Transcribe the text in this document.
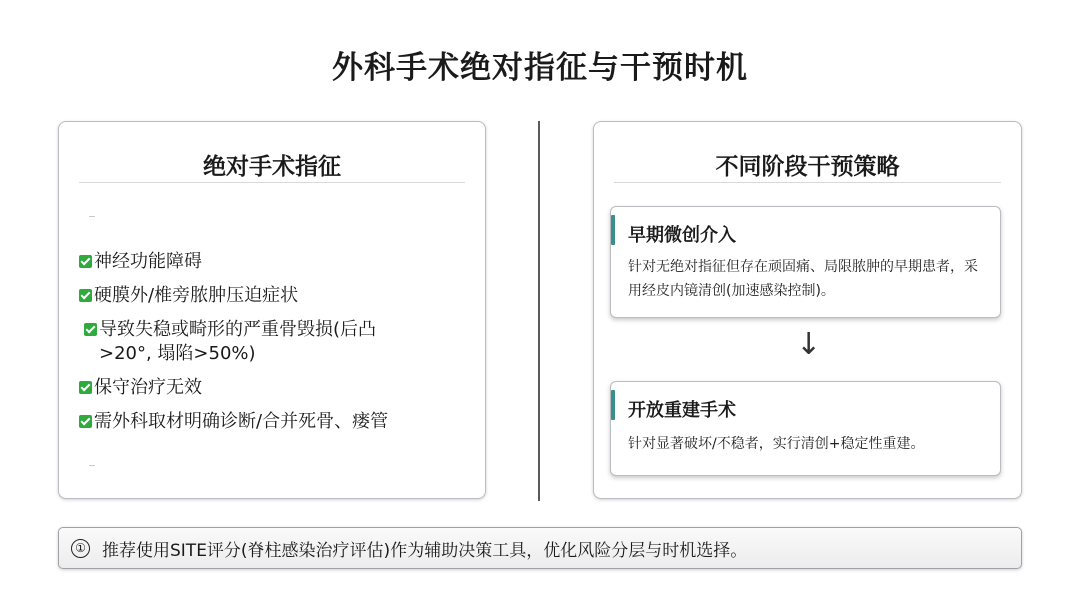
外科手术绝对指征与干预时机
绝对手术指征
神经功能障碍
硬膜外/椎旁脓肿压迫症状
导致失稳或畸形的严重骨毁损(后凸>20°, 塌陷>50%)
保守治疗无效
需外科取材明确诊断/合并死骨、瘘管
不同阶段干预策略
早期微创介入
针对无绝对指征但存在顽固痛、局限脓肿的早期患者，采用经皮内镜清创(加速感染控制)。
↓
开放重建手术
针对显著破坏/不稳者，实行清创+稳定性重建。
① 推荐使用SITE评分(脊柱感染治疗评估)作为辅助决策工具，优化风险分层与时机选择。
